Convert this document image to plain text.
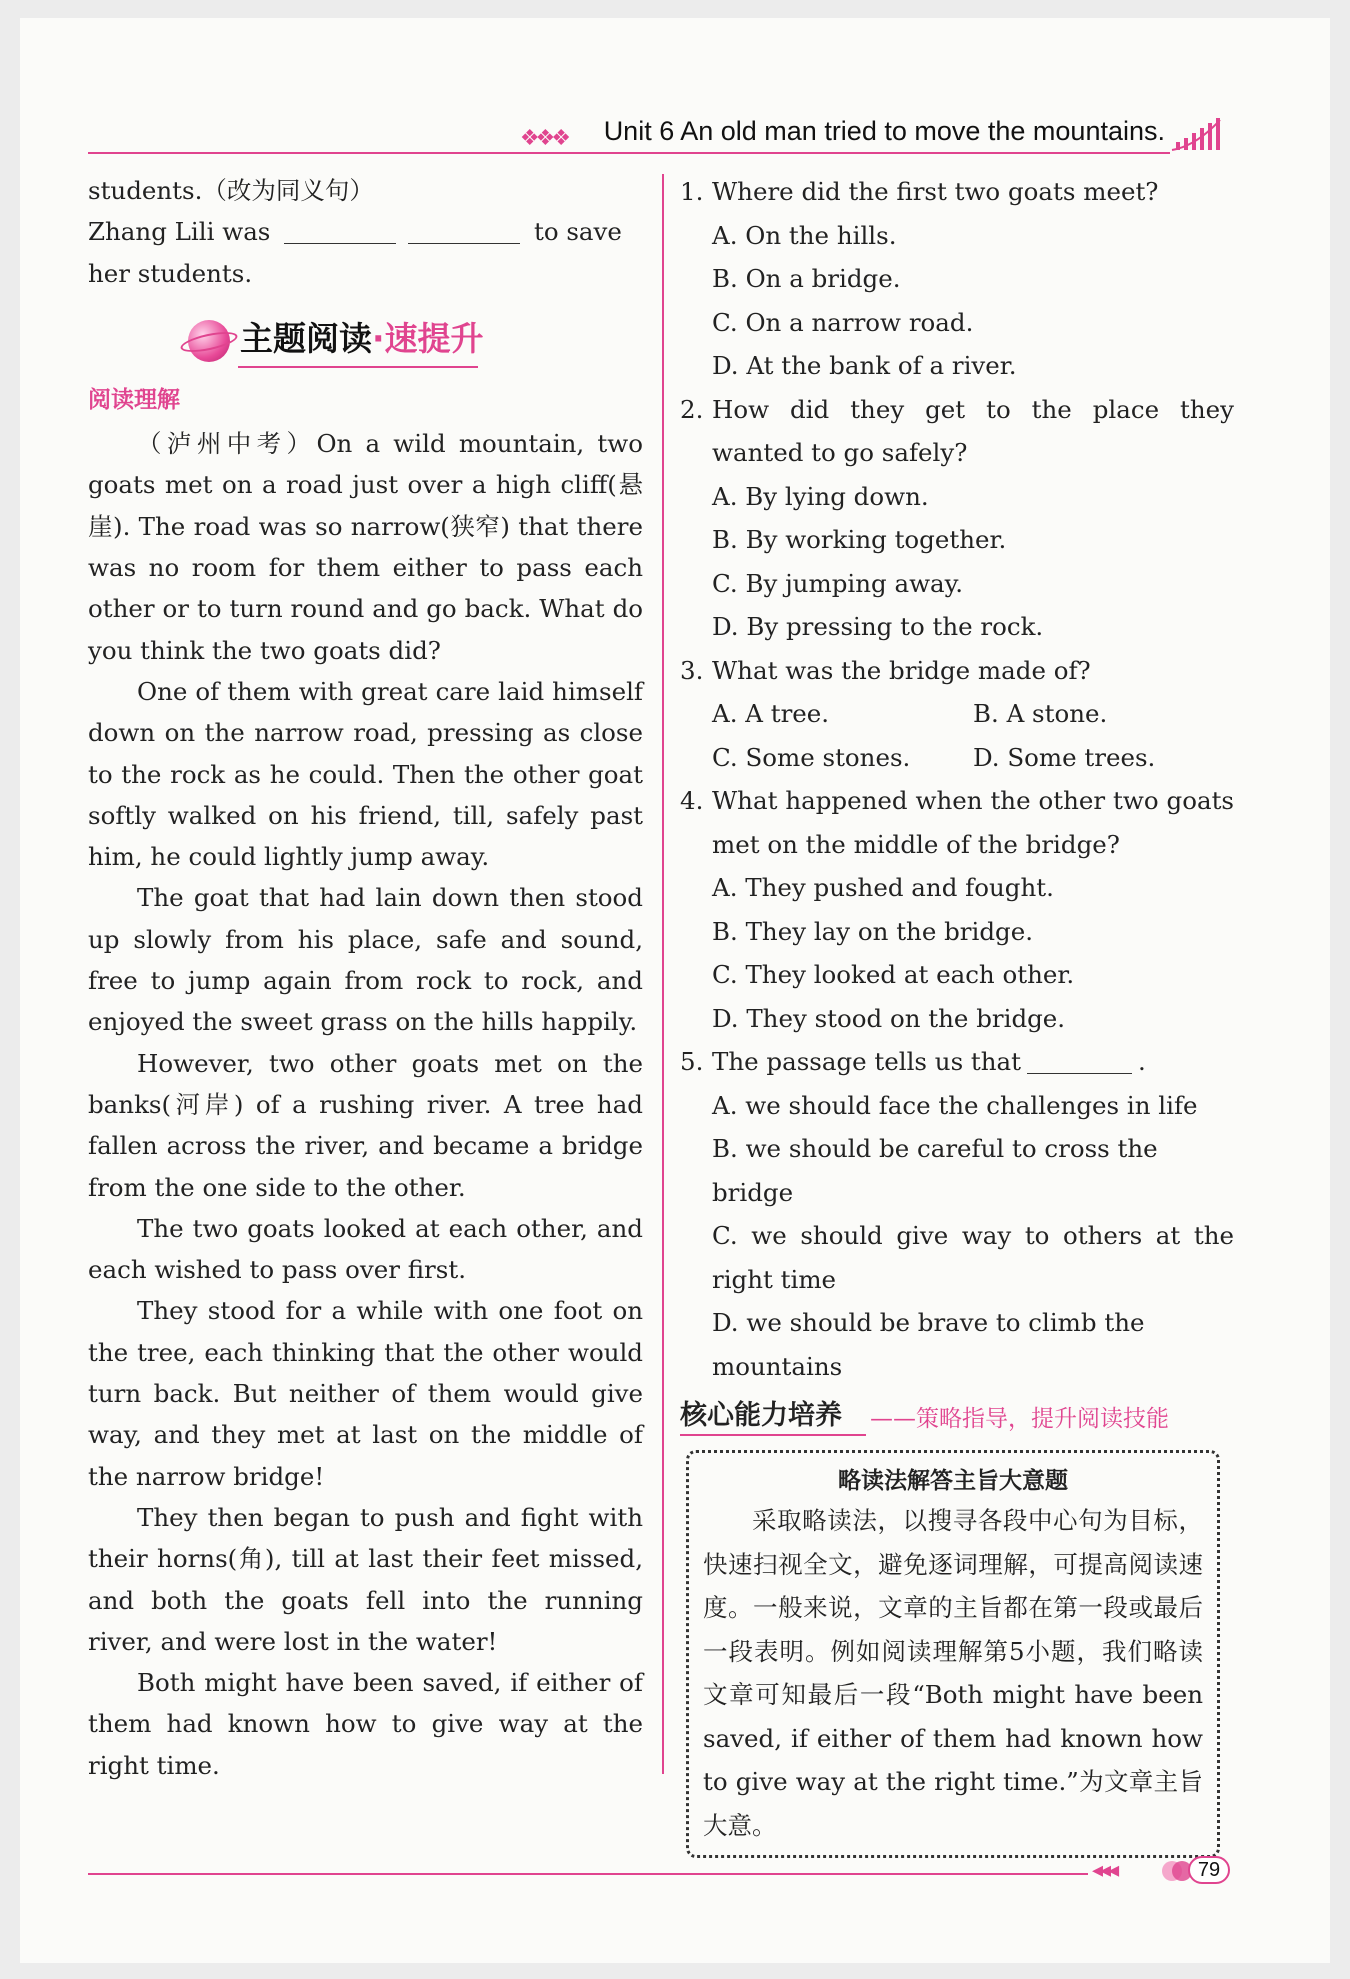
❖❖❖ Unit 6 An old man tried to move the mountains.

students.（改为同义句）

Zhang Lili was	to save

her students.

主题阅读·速提升
阅读理解

（泸州中考）On a wild mountain, two goats met on a road just over a high cliff(悬崖). The road was so narrow(狭窄) that there was no room for them either to pass each other or to turn round and go back. What do you think the two goats did?

One of them with great care laid himself down on the narrow road, pressing as close to the rock as he could. Then the other goat softly walked on his friend, till, safely past him, he could lightly jump away.

The goat that had lain down then stood up slowly from his place, safe and sound, free to jump again from rock to rock, and enjoyed the sweet grass on the hills happily.

However, two other goats met on the banks(河岸) of a rushing river. A tree had fallen across the river, and became a bridge from the one side to the other.

The two goats looked at each other, and each wished to pass over first.

They stood for a while with one foot on the tree, each thinking that the other would turn back. But neither of them would give way, and they met at last on the middle of the narrow bridge!

They then began to push and fight with their horns(角), till at last their feet missed, and both the goats fell into the running river, and were lost in the water!

Both might have been saved, if either of them had known how to give way at the right time.

1. Where did the first two goats meet?
A. On the hills.
B. On a bridge.
C. On a narrow road.
D. At the bank of a river.
2. How did they get to the place they wanted to go safely?
A. By lying down.
B. By working together.
C. By jumping away.
D. By pressing to the rock.
3. What was the bridge made of?
A. A tree.	B. A stone.
C. Some stones.	D. Some trees.
4. What happened when the other two goats met on the middle of the bridge?
A. They pushed and fought.
B. They lay on the bridge.
C. They looked at each other.
D. They stood on the bridge.
5. The passage tells us that	.
A. we should face the challenges in life
B. we should be careful to cross the bridge
C. we should give way to others at the right time
D. we should be brave to climb the mountains
核心能力培养 ——策略指导，提升阅读技能
略读法解答主旨大意题
采取略读法，以搜寻各段中心句为目标，快速扫视全文，避免逐词理解，可提高阅读速度。一般来说，文章的主旨都在第一段或最后一段表明。例如阅读理解第5小题，我们略读文章可知最后一段“Both might have been saved, if either of them had known how to give way at the right time.”为文章主旨大意。
◂◂◂	79
